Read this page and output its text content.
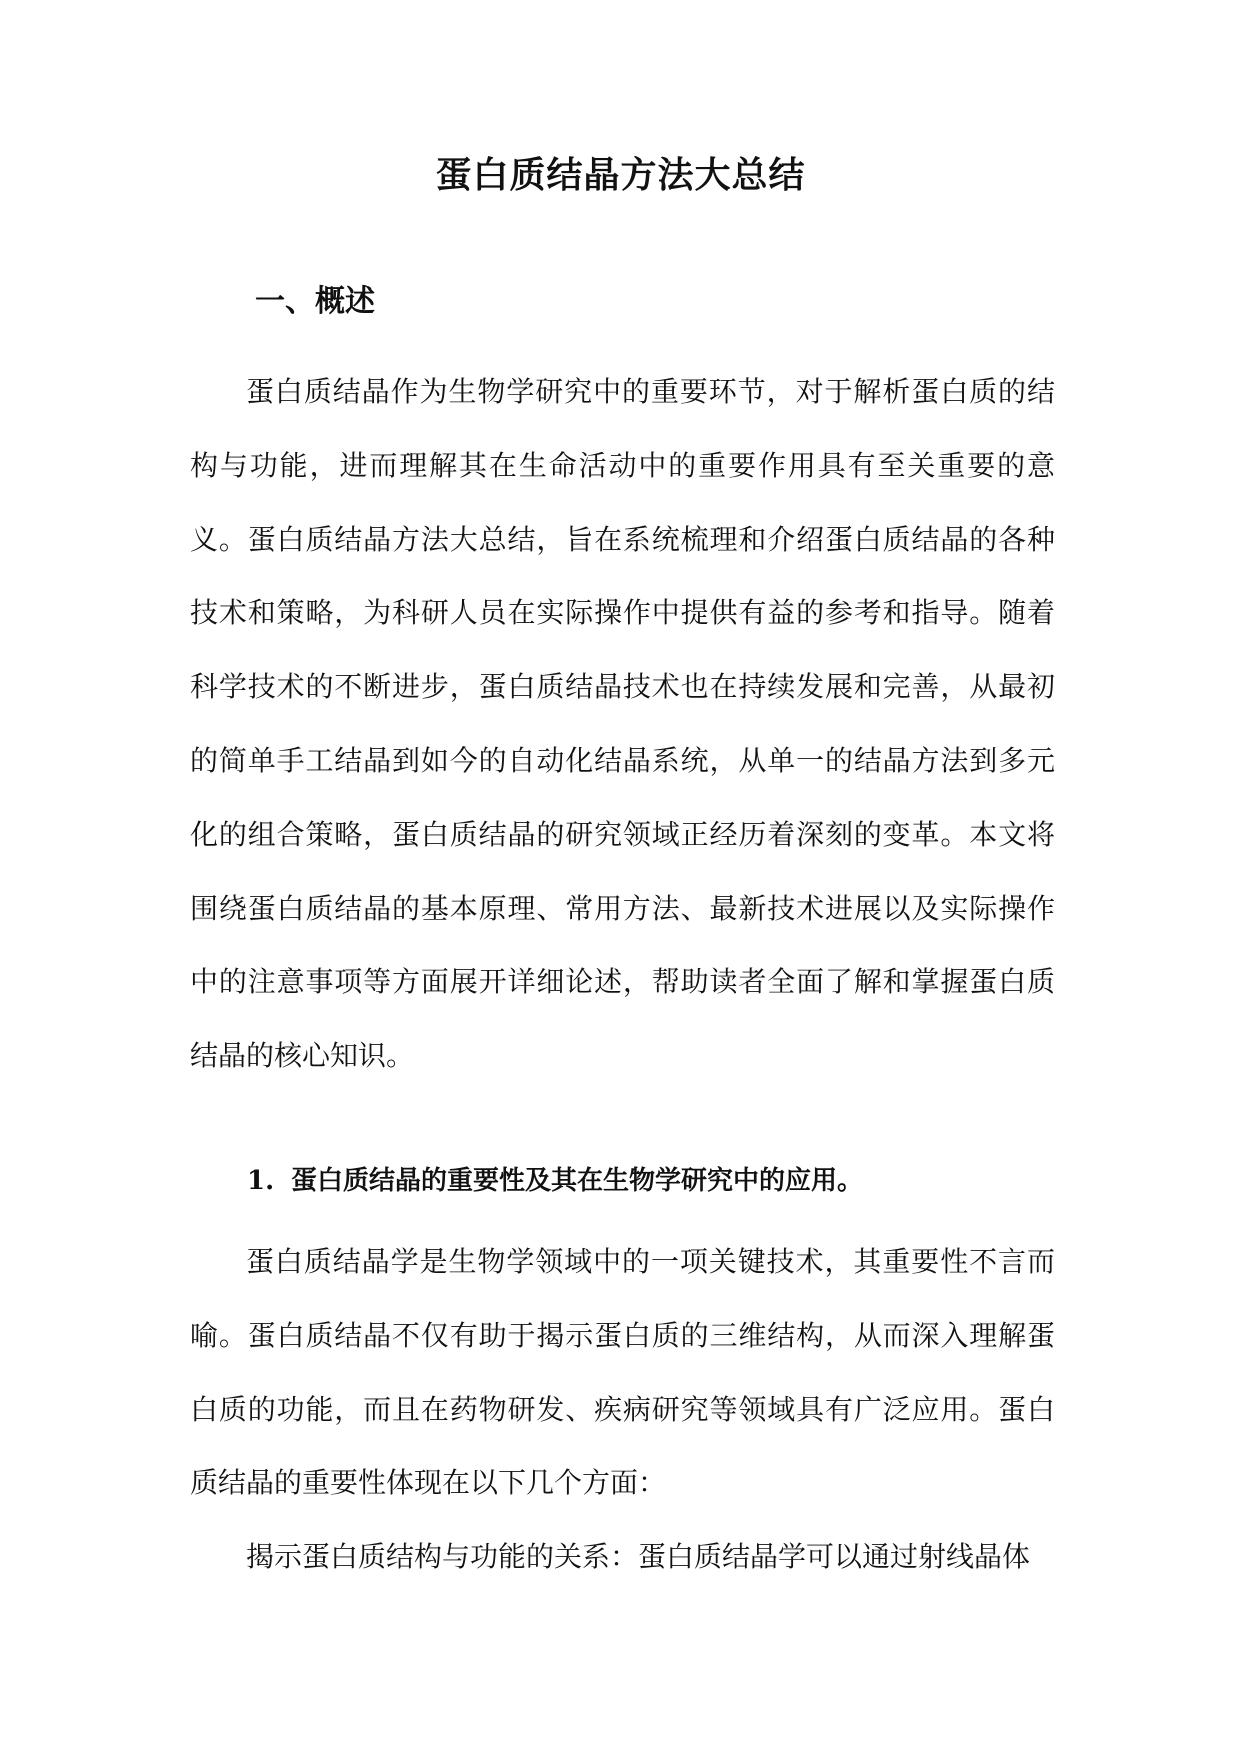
蛋白质结晶方法大总结
一、概述

蛋白质结晶作为生物学研究中的重要环节，对于解析蛋白质的结构与功能，进而理解其在生命活动中的重要作用具有至关重要的意义。蛋白质结晶方法大总结，旨在系统梳理和介绍蛋白质结晶的各种技术和策略，为科研人员在实际操作中提供有益的参考和指导。随着科学技术的不断进步，蛋白质结晶技术也在持续发展和完善，从最初的简单手工结晶到如今的自动化结晶系统，从单一的结晶方法到多元化的组合策略，蛋白质结晶的研究领域正经历着深刻的变革。本文将围绕蛋白质结晶的基本原理、常用方法、最新技术进展以及实际操作中的注意事项等方面展开详细论述，帮助读者全面了解和掌握蛋白质结晶的核心知识。

1. 蛋白质结晶的重要性及其在生物学研究中的应用。

蛋白质结晶学是生物学领域中的一项关键技术，其重要性不言而喻。蛋白质结晶不仅有助于揭示蛋白质的三维结构，从而深入理解蛋白质的功能，而且在药物研发、疾病研究等领域具有广泛应用。蛋白质结晶的重要性体现在以下几个方面：

揭示蛋白质结构与功能的关系：蛋白质结晶学可以通过射线晶体
